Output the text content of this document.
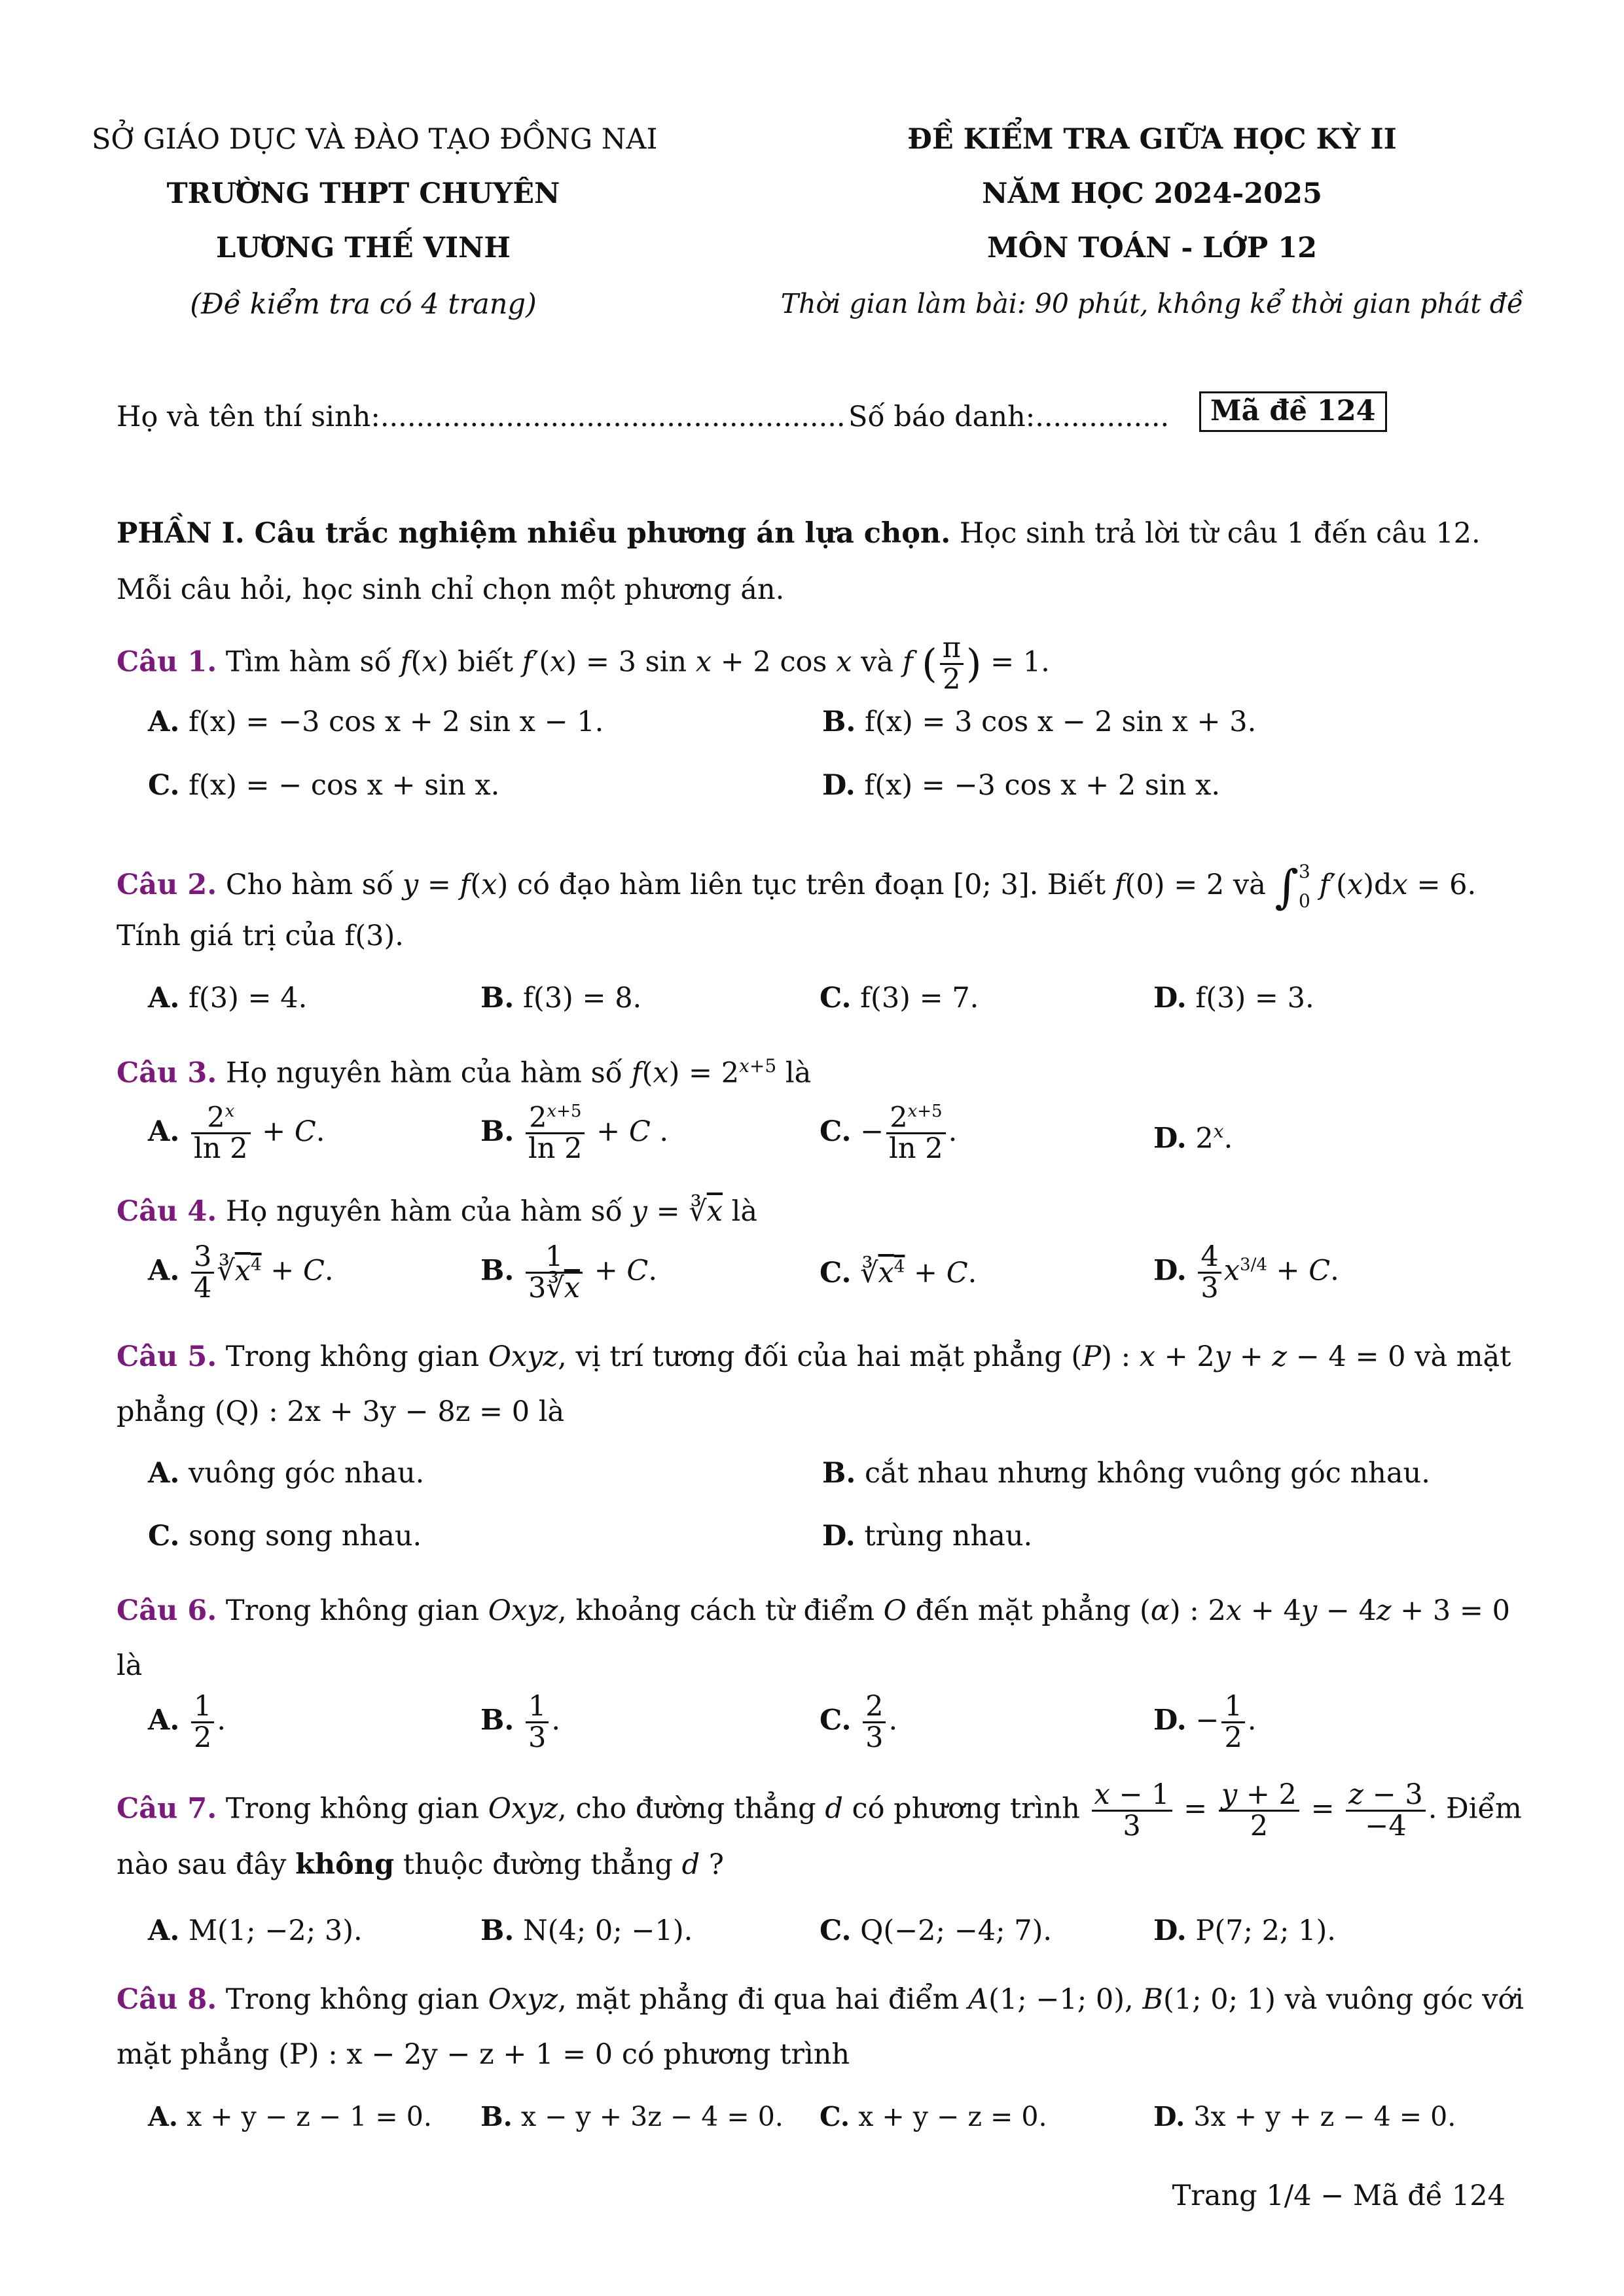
SỞ GIÁO DỤC VÀ ĐÀO TẠO ĐỒNG NAI
TRƯỜNG THPT CHUYÊN
LƯƠNG THẾ VINH
(Đề kiểm tra có 4 trang)
ĐỀ KIỂM TRA GIỮA HỌC KỲ II
NĂM HỌC 2024-2025
MÔN TOÁN - LỚP 12
Thời gian làm bài: 90 phút, không kể thời gian phát đề
Họ và tên thí sinh:.................................................... Số báo danh:...............	Mã đề 124
PHẦN I. Câu trắc nghiệm nhiều phương án lựa chọn. Học sinh trả lời từ câu 1 đến câu 12.
Mỗi câu hỏi, học sinh chỉ chọn một phương án.
Câu 1. Tìm hàm số f(x) biết f′(x) = 3 sin x + 2 cos x và f ( $\frac{\pi}{2}$ ) = 1.
A. f(x) = −3 cos x + 2 sin x − 1.	B. f(x) = 3 cos x − 2 sin x + 3.
C. f(x) = − cos x + sin x.	D. f(x) = −3 cos x + 2 sin x.
Câu 2. Cho hàm số y = f(x) có đạo hàm liên tục trên đoạn [0; 3]. Biết f(0) = 2 và ∫ 3
0 f′(x)dx = 6.
Tính giá trị của f(3).
A. f(3) = 4.	B. f(3) = 8.	C. f(3) = 7.	D. f(3) = 3.
Câu 3. Họ nguyên hàm của hàm số $f(x) = 2^{x+5}$ là
A. $\frac{2^x}{\ln 2} + C$.	B. $\frac{2^{x+5}}{\ln 2} + C$ .	C. − $\frac{2^{x+5}}{\ln 2}$ .	D. 2$^x$.
Câu 4. Họ nguyên hàm của hàm số $y = ∛\overline{x}$ là
A. $\frac{3}{4}$ $∛x^4 + C$.	B. $\frac{1}{3∛\overline{x}} + C$.	C. $∛x^4 + C$.	D. $\frac{4}{3} x^{3/4} + C$.
Câu 5. Trong không gian Oxyz, vị trí tương đối của hai mặt phẳng (P) : x + 2y + z − 4 = 0 và mặt
phẳng (Q) : 2x + 3y − 8z = 0 là
A. vuông góc nhau.	B. cắt nhau nhưng không vuông góc nhau.
C. song song nhau.	D. trùng nhau.
Câu 6. Trong không gian Oxyz, khoảng cách từ điểm O đến mặt phẳng (α) : 2x + 4y − 4z + 3 = 0
là
A. $\frac{1}{2}$ .	B. $\frac{1}{3}$ .	C. $\frac{2}{3}$ .	D. − $\frac{1}{2}$ .
Câu 7. Trong không gian Oxyz, cho đường thẳng d có phương trình $\frac{x - 1}{3} = \frac{y + 2}{2} = \frac{z - 3}{-4}$ . Điểm
nào sau đây không thuộc đường thẳng d ?
A. M(1; −2; 3).	B. N(4; 0; −1).	C. Q(−2; −4; 7).	D. P(7; 2; 1).
Câu 8. Trong không gian Oxyz, mặt phẳng đi qua hai điểm A(1; −1; 0), B(1; 0; 1) và vuông góc với
mặt phẳng (P) : x − 2y − z + 1 = 0 có phương trình
A. x + y − z − 1 = 0. B. x − y + 3z − 4 = 0. C. x + y − z = 0.	D. 3x + y + z − 4 = 0.
Trang 1/4 − Mã đề 124
